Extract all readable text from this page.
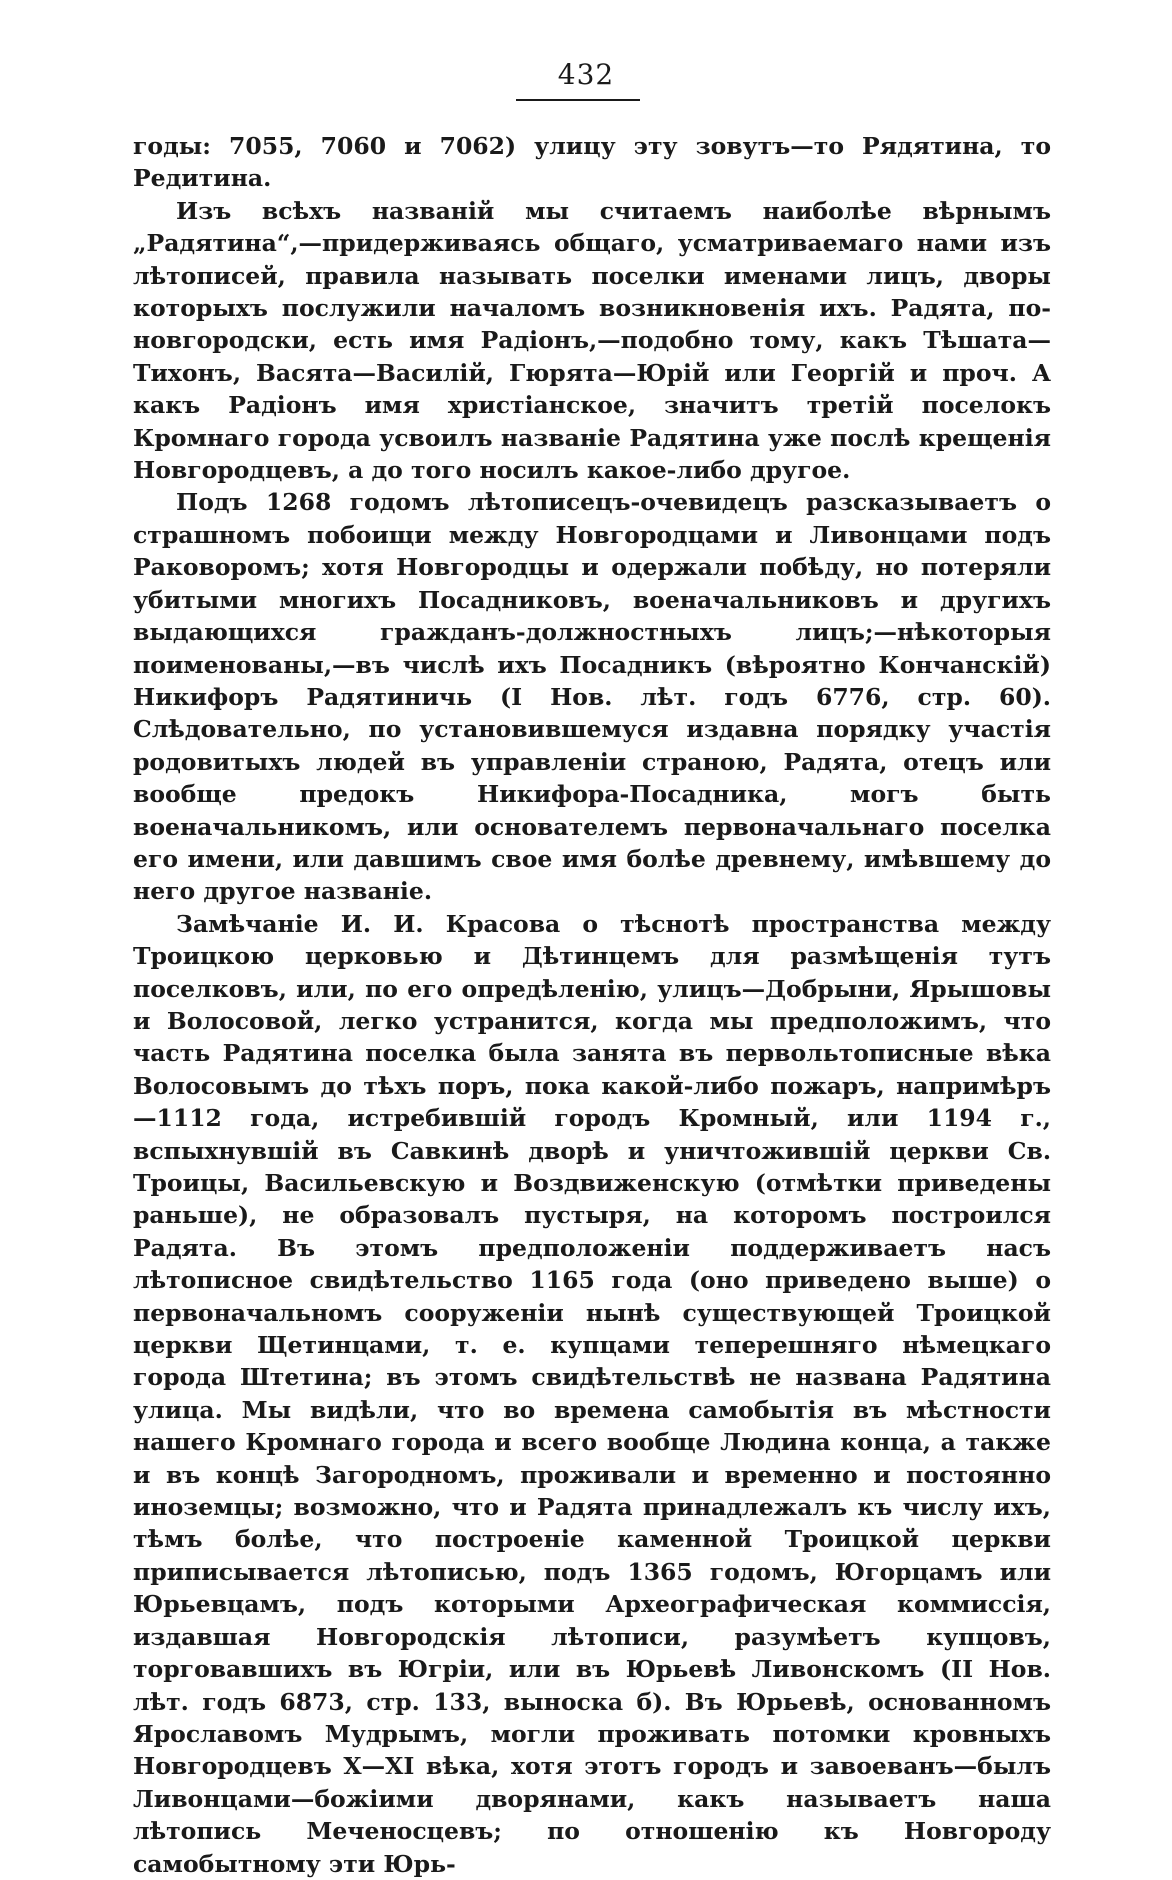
432

годы: 7055, 7060 и 7062) улицу эту зовутъ—то Рядятина, то Редитина.

Изъ всѣхъ названій мы считаемъ наиболѣе вѣрнымъ „Радятина“,—придерживаясь общаго, усматриваемаго нами изъ лѣтописей, правила называть поселки именами лицъ, дворы которыхъ послужили началомъ возникновенія ихъ. Радята, по-новгородски, есть имя Радіонъ,—подобно тому, какъ Тѣшата—Тихонъ, Васята—Василій, Гюрята—Юрій или Георгій и проч. А какъ Радіонъ имя христіанское, значитъ третій поселокъ Кромнаго города усвоилъ названіе Радятина уже послѣ крещенія Новгородцевъ, а до того носилъ какое-либо другое.

Подъ 1268 годомъ лѣтописецъ-очевидецъ разсказываетъ о страшномъ побоищи между Новгородцами и Ливонцами подъ Раковоромъ; хотя Новгородцы и одержали побѣду, но потеряли убитыми многихъ Посадниковъ, военачальниковъ и другихъ выдающихся гражданъ-должностныхъ лицъ;—нѣкоторыя поименованы,—въ числѣ ихъ Посадникъ (вѣроятно Кончанскій) Никифоръ Радятиничь (I Нов. лѣт. годъ 6776, стр. 60). Слѣдовательно, по установившемуся издавна порядку участія родовитыхъ людей въ управленіи страною, Радята, отецъ или вообще предокъ Никифора-Посадника, могъ быть военачальникомъ, или основателемъ первоначальнаго поселка его имени, или давшимъ свое имя болѣе древнему, имѣвшему до него другое названіе.

Замѣчаніе И. И. Красова о тѣснотѣ пространства между Троицкою церковью и Дѣтинцемъ для размѣщенія тутъ поселковъ, или, по его опредѣленію, улицъ—Добрыни, Ярышовы и Волосовой, легко устранится, когда мы предположимъ, что часть Радятина поселка была занята въ первольтописные вѣка Волосовымъ до тѣхъ поръ, пока какой-либо пожаръ, напримѣръ—1112 года, истребившій городъ Кромный, или 1194 г., вспыхнувшій въ Савкинѣ дворѣ и уничтожившій церкви Св. Троицы, Васильевскую и Воздвиженскую (отмѣтки приведены раньше), не образовалъ пустыря, на которомъ построился Радята. Въ этомъ предположеніи поддерживаетъ насъ лѣтописное свидѣтельство 1165 года (оно приведено выше) о первоначальномъ сооруженіи нынѣ существующей Троицкой церкви Щетинцами, т. е. купцами теперешняго нѣмецкаго города Штетина; въ этомъ свидѣтельствѣ не названа Радятина улица. Мы видѣли, что во времена самобытія въ мѣстности нашего Кромнаго города и всего вообще Людина конца, а также и въ концѣ Загородномъ, проживали и временно и постоянно иноземцы; возможно, что и Радята принадлежалъ къ числу ихъ, тѣмъ болѣе, что построеніе каменной Троицкой церкви приписывается лѣтописью, подъ 1365 годомъ, Югорцамъ или Юрьевцамъ, подъ которыми Археографическая коммиссія, издавшая Новгородскія лѣтописи, разумѣетъ купцовъ, торговавшихъ въ Югріи, или въ Юрьевѣ Ливонскомъ (II Нов. лѣт. годъ 6873, стр. 133, выноска б). Въ Юрьевѣ, основанномъ Ярославомъ Мудрымъ, могли проживать потомки кровныхъ Новгородцевъ X—XI вѣка, хотя этотъ городъ и завоеванъ—былъ Ливонцами—божіими дворянами, какъ называетъ наша лѣтопись Меченосцевъ; по отношенію къ Новгороду самобытному эти Юрь-
